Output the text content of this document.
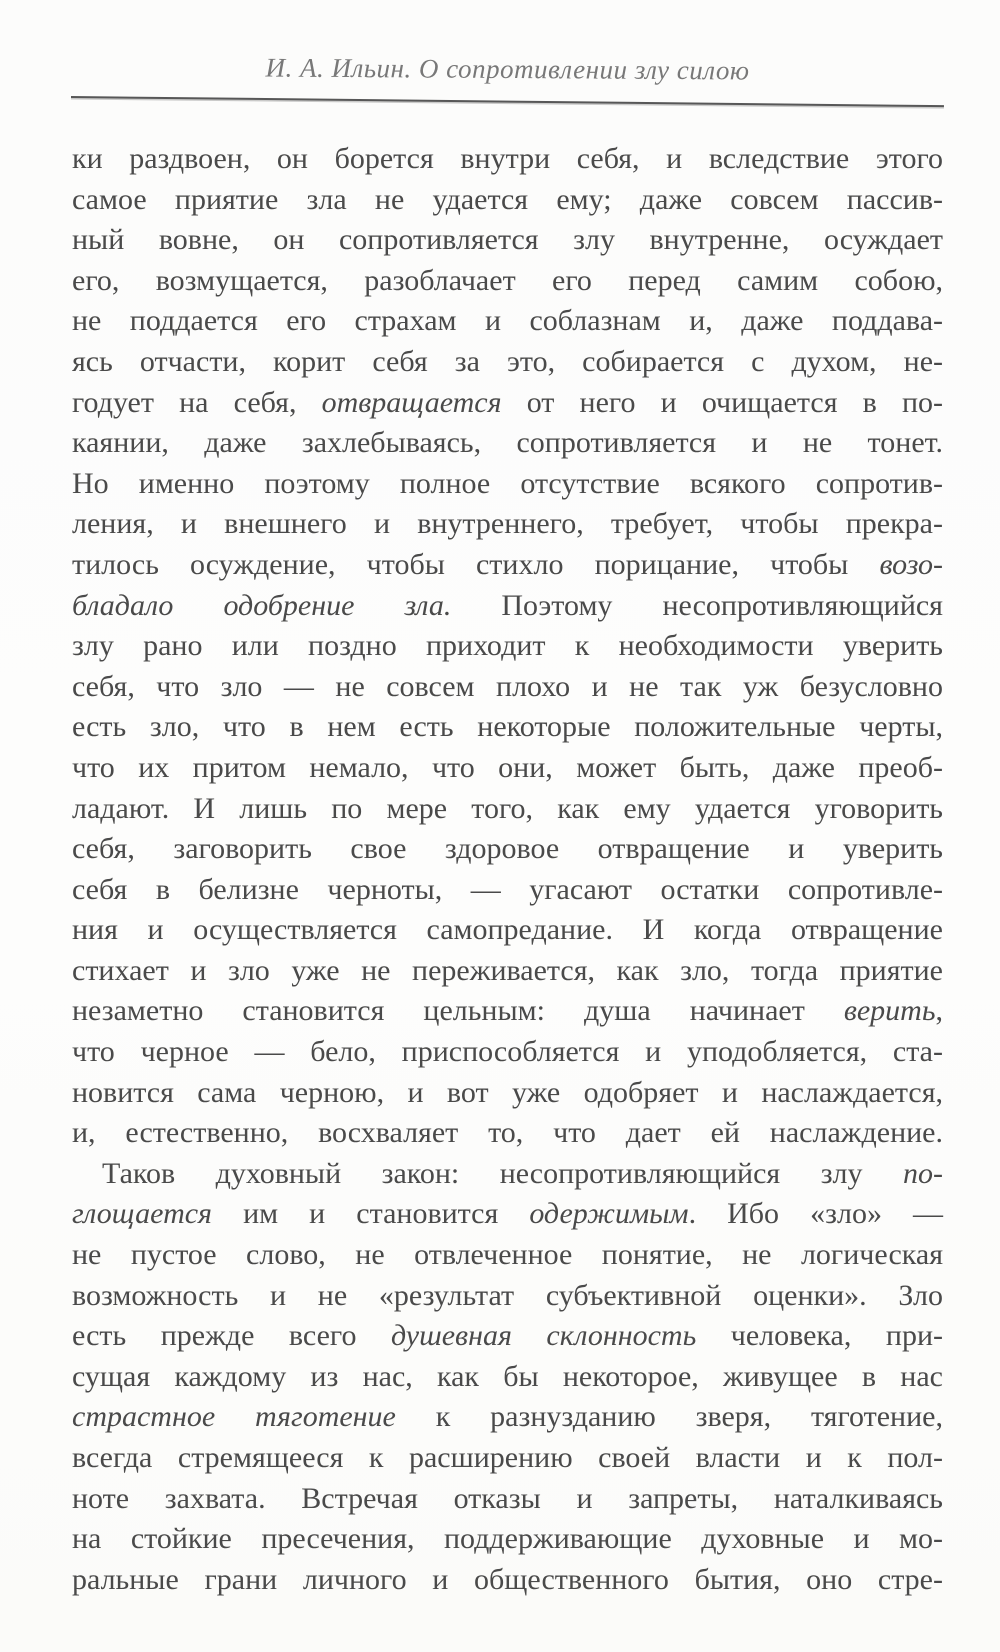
И. А. Ильин. О сопротивлении злу силою
ки раздвоен, он борется внутри себя, и вследствие этого
самое приятие зла не удается ему; даже совсем пассив-
ный вовне, он сопротивляется злу внутренне, осуждает
его, возмущается, разоблачает его перед самим собою,
не поддается его страхам и соблазнам и, даже поддава-
ясь отчасти, корит себя за это, собирается с духом, не-
годует на себя, отвращается от него и очищается в по-
каянии, даже захлебываясь, сопротивляется и не тонет.
Но именно поэтому полное отсутствие всякого сопротив-
ления, и внешнего и внутреннего, требует, чтобы прекра-
тилось осуждение, чтобы стихло порицание, чтобы возо-
бладало одобрение зла. Поэтому несопротивляющийся
злу рано или поздно приходит к необходимости уверить
себя, что зло — не совсем плохо и не так уж безусловно
есть зло, что в нем есть некоторые положительные черты,
что их притом немало, что они, может быть, даже преоб-
ладают. И лишь по мере того, как ему удается уговорить
себя, заговорить свое здоровое отвращение и уверить
себя в белизне черноты, — угасают остатки сопротивле-
ния и осуществляется самопредание. И когда отвращение
стихает и зло уже не переживается, как зло, тогда приятие
незаметно становится цельным: душа начинает верить,
что черное — бело, приспособляется и уподобляется, ста-
новится сама черною, и вот уже одобряет и наслаждается,
и, естественно, восхваляет то, что дает ей наслаждение.
Таков духовный закон: несопротивляющийся злу по-
глощается им и становится одержимым. Ибо «зло» —
не пустое слово, не отвлеченное понятие, не логическая
возможность и не «результат субъективной оценки». Зло
есть прежде всего душевная склонность человека, при-
сущая каждому из нас, как бы некоторое, живущее в нас
страстное тяготение к разнузданию зверя, тяготение,
всегда стремящееся к расширению своей власти и к пол-
ноте захвата. Встречая отказы и запреты, наталкиваясь
на стойкие пресечения, поддерживающие духовные и мо-
ральные грани личного и общественного бытия, оно стре-
